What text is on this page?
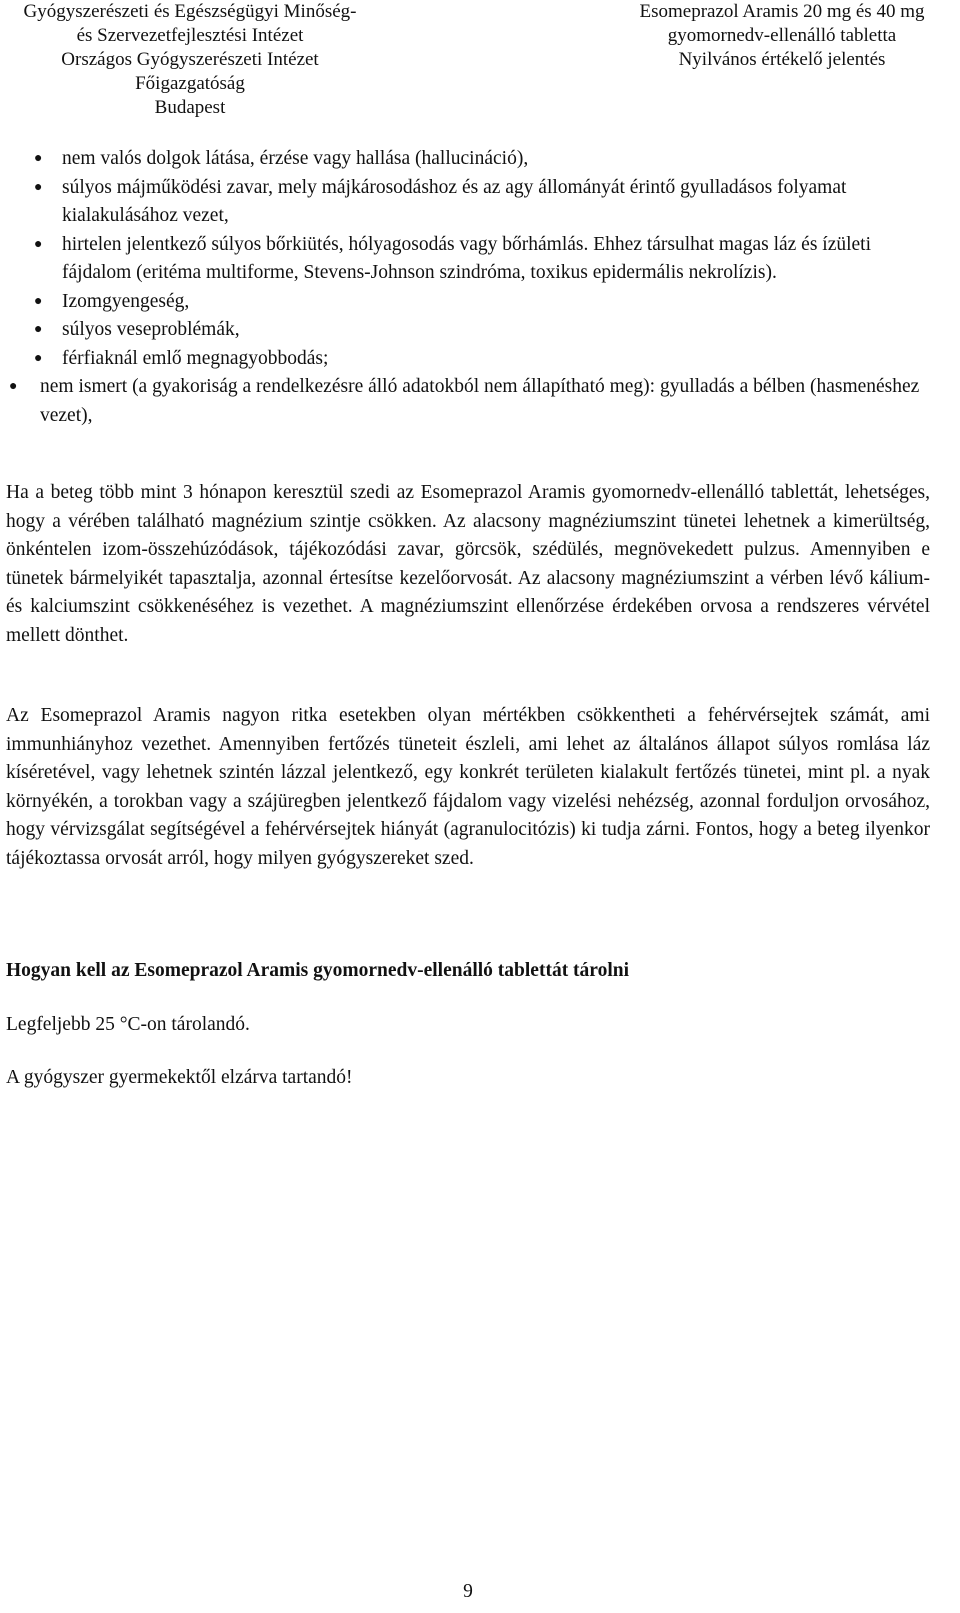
Gyógyszerészeti és Egészségügyi Minőség-
és Szervezetfejlesztési Intézet
Országos Gyógyszerészeti Intézet
Főigazgatóság
Budapest
Esomeprazol Aramis 20 mg és 40 mg
gyomornedv-ellenálló tabletta
Nyilvános értékelő jelentés
● nem valós dolgok látása, érzése vagy hallása (hallucináció),
● súlyos májműködési zavar, mely májkárosodáshoz és az agy állományát érintő gyulladásos folyamat kialakulásához vezet,
● hirtelen jelentkező súlyos bőrkiütés, hólyagosodás vagy bőrhámlás. Ehhez társulhat magas láz és ízületi fájdalom (eritéma multiforme, Stevens-Johnson szindróma, toxikus epidermális nekrolízis).
● Izomgyengeség,
● súlyos veseproblémák,
● férfiaknál emlő megnagyobbodás;
● nem ismert (a gyakoriság a rendelkezésre álló adatokból nem állapítható meg): gyulladás a bélben (hasmenéshez vezet),

Ha a beteg több mint 3 hónapon keresztül szedi az Esomeprazol Aramis gyomornedv-ellenálló tablettát, lehetséges, hogy a vérében található magnézium szintje csökken. Az alacsony magnéziumszint tünetei lehetnek a kimerültség, önkéntelen izom-összehúzódások, tájékozódási zavar, görcsök, szédülés, megnövekedett pulzus. Amennyiben e tünetek bármelyikét tapasztalja, azonnal értesítse kezelőorvosát. Az alacsony magnéziumszint a vérben lévő kálium- és kalciumszint csökkenéséhez is vezethet. A magnéziumszint ellenőrzése érdekében orvosa a rendszeres vérvétel mellett dönthet.

Az Esomeprazol Aramis nagyon ritka esetekben olyan mértékben csökkentheti a fehérvérsejtek számát, ami immunhiányhoz vezethet. Amennyiben fertőzés tüneteit észleli, ami lehet az általános állapot súlyos romlása láz kíséretével, vagy lehetnek szintén lázzal jelentkező, egy konkrét területen kialakult fertőzés tünetei, mint pl. a nyak környékén, a torokban vagy a szájüregben jelentkező fájdalom vagy vizelési nehézség, azonnal forduljon orvosához, hogy vérvizsgálat segítségével a fehérvérsejtek hiányát (agranulocitózis) ki tudja zárni. Fontos, hogy a beteg ilyenkor tájékoztassa orvosát arról, hogy milyen gyógyszereket szed.

Hogyan kell az Esomeprazol Aramis gyomornedv-ellenálló tablettát tárolni

Legfeljebb 25 °C-on tárolandó.

A gyógyszer gyermekektől elzárva tartandó!

9
